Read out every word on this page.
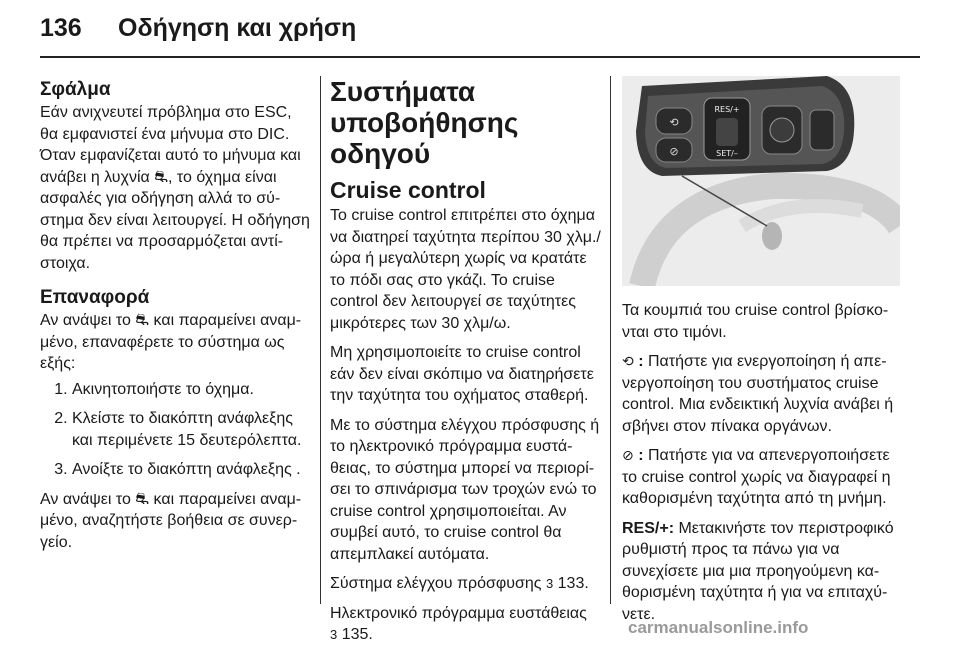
136 Οδήγηση και χρήση
Σφάλμα

Εάν ανιχνευτεί πρόβλημα στο ESC, θα εμφανιστεί ένα μήνυμα στο DIC. Όταν εμφανίζεται αυτό το μήνυμα και ανάβει η λυχνία ⛐, το όχημα είναι ασφαλές για οδήγηση αλλά το σύστημα δεν είναι λειτουργεί. Η οδήγηση θα πρέπει να προσαρμόζεται αντίστοιχα.

Επαναφορά

Αν ανάψει το ⛐ και παραμείνει αναμμένο, επαναφέρετε το σύστημα ως εξής:

1. Ακινητοποιήστε το όχημα.
2. Κλείστε το διακόπτη ανάφλεξης και περιμένετε 15 δευτερόλεπτα.
3. Ανοίξτε το διακόπτη ανάφλεξης .

Αν ανάψει το ⛐ και παραμείνει αναμμένο, αναζητήστε βοήθεια σε συνεργείο.

Συστήματα υποβοήθησης οδηγού
Cruise control

Το cruise control επιτρέπει στο όχημα να διατηρεί ταχύτητα περίπου 30 χλμ./ώρα ή μεγαλύτερη χωρίς να κρατάτε το πόδι σας στο γκάζι. Το cruise control δεν λειτουργεί σε ταχύτητες μικρότερες των 30 χλμ/ω.

Μη χρησιμοποιείτε το cruise control εάν δεν είναι σκόπιμο να διατηρήσετε την ταχύτητα του οχήματος σταθερή.

Με το σύστημα ελέγχου πρόσφυσης ή το ηλεκτρονικό πρόγραμμα ευστάθειας, το σύστημα μπορεί να περιορίσει το σπινάρισμα των τροχών ενώ το cruise control χρησιμοποιείται. Αν συμβεί αυτό, το cruise control θα απεμπλακεί αυτόματα.

Σύστημα ελέγχου πρόσφυσης 3 133.

Ηλεκτρονικό πρόγραμμα ευστάθειας
3 135.

⟲
⊘
RES/+
SET/–

Τα κουμπιά του cruise control βρίσκονται στο τιμόνι.

⟲ : Πατήστε για ενεργοποίηση ή απενεργοποίηση του συστήματος cruise control. Μια ενδεικτική λυχνία ανάβει ή σβήνει στον πίνακα οργάνων.

⊘ : Πατήστε για να απενεργοποιήσετε το cruise control χωρίς να διαγραφεί η καθορισμένη ταχύτητα από τη μνήμη.

RES/+: Μετακινήστε τον περιστροφικό ρυθμιστή προς τα πάνω για να συνεχίσετε μια μια προηγούμενη καθορισμένη ταχύτητα ή για να επιταχύνετε.

carmanualsonline.info
